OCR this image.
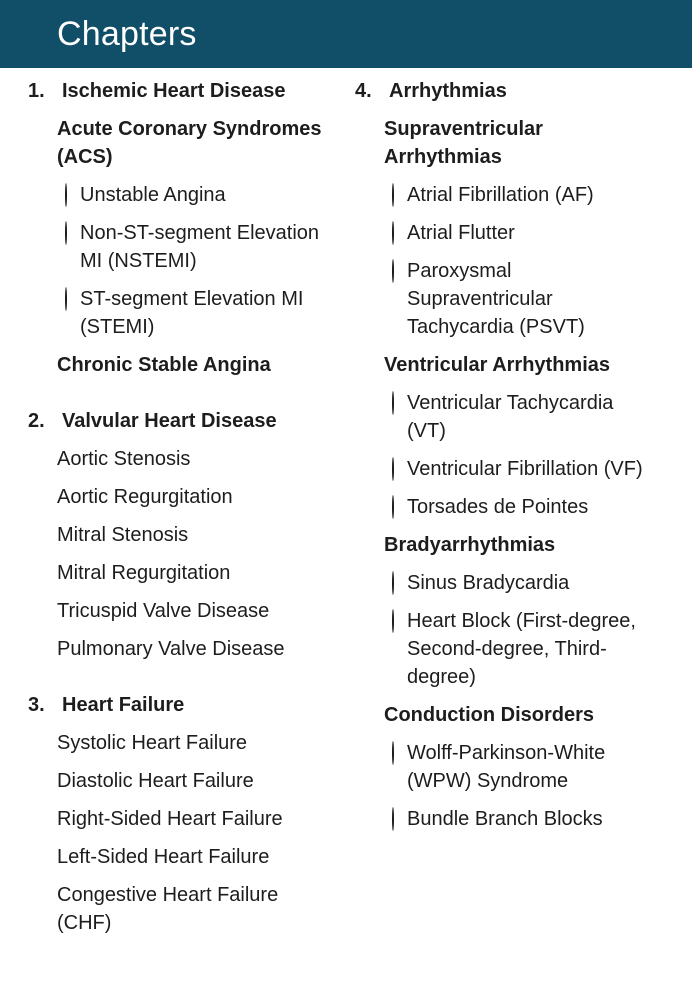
Chapters
1. Ischemic Heart Disease
Acute Coronary Syndromes (ACS)
Unstable Angina
Non-ST-segment Elevation MI (NSTEMI)
ST-segment Elevation MI (STEMI)
Chronic Stable Angina
2. Valvular Heart Disease
Aortic Stenosis
Aortic Regurgitation
Mitral Stenosis
Mitral Regurgitation
Tricuspid Valve Disease
Pulmonary Valve Disease
3. Heart Failure
Systolic Heart Failure
Diastolic Heart Failure
Right-Sided Heart Failure
Left-Sided Heart Failure
Congestive Heart Failure (CHF)
4. Arrhythmias
Supraventricular Arrhythmias
Atrial Fibrillation (AF)
Atrial Flutter
Paroxysmal Supraventricular Tachycardia (PSVT)
Ventricular Arrhythmias
Ventricular Tachycardia (VT)
Ventricular Fibrillation (VF)
Torsades de Pointes
Bradyarrhythmias
Sinus Bradycardia
Heart Block (First-degree, Second-degree, Third-degree)
Conduction Disorders
Wolff-Parkinson-White (WPW) Syndrome
Bundle Branch Blocks
